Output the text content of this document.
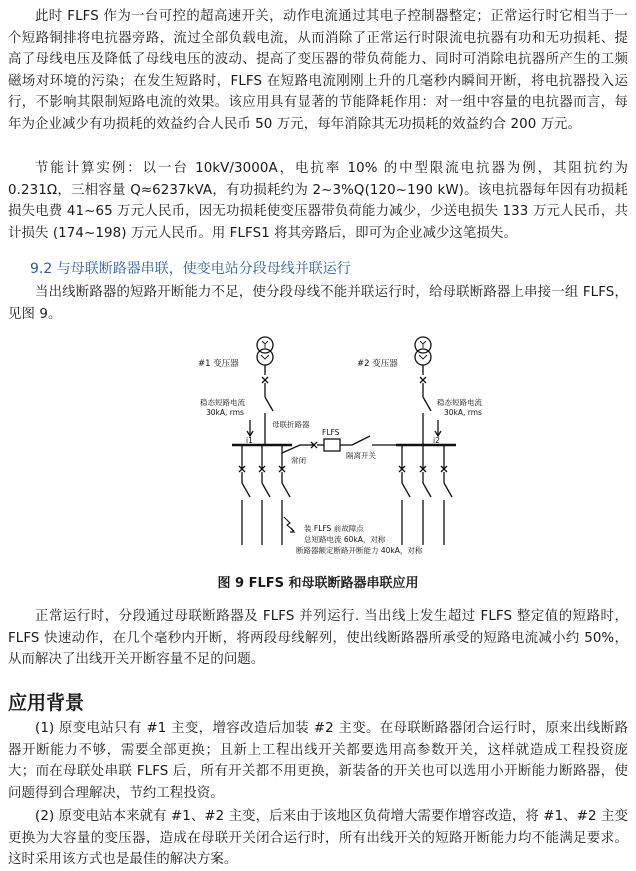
此时 FLFS 作为一台可控的超高速开关，动作电流通过其电子控制器整定；正常运行时它相当于一个短路铜排将电抗器旁路，流过全部负载电流，从而消除了正常运行时限流电抗器有功和无功损耗、提高了母线电压及降低了母线电压的波动、提高了变压器的带负荷能力、同时可消除电抗器所产生的工频磁场对环境的污染；在发生短路时，FLFS 在短路电流刚刚上升的几毫秒内瞬间开断，将电抗器投入运行，不影响其限制短路电流的效果。该应用具有显著的节能降耗作用：对一组中容量的电抗器而言，每年为企业减少有功损耗的效益约合人民币 50 万元，每年消除其无功损耗的效益约合 200 万元。

节能计算实例：以一台 10kV/3000A，电抗率 10% 的中型限流电抗器为例，其阻抗约为 0.231Ω，三相容量 Q≈6237kVA，有功损耗约为 2~3%Q(120~190 kW)。该电抗器每年因有功损耗损失电费 41~65 万元人民币，因无功损耗使变压器带负荷能力减少，少送电损失 133 万元人民币，共计损失 (174~198) 万元人民币。用 FLFS1 将其旁路后，即可为企业减少这笔损失。

9.2 与母联断路器串联，使变电站分段母线并联运行

当出线断路器的短路开断能力不足，使分段母线不能并联运行时，给母联断路器上串接一组 FLFS，见图 9。

#1 变压器	#2 变压器
稳态短路电流
30kA, rms
稳态短路电流
30kA, rms
i1	i2
母联折路器
FLFS
常闭
隔离开关
装 FLFS 前故障点
总短路电流 60kA，对称
断路器额定断路开断能力 40kA，对称
图 9 FLFS 和母联断路器串联应用

正常运行时，分段通过母联断路器及 FLFS 并列运行. 当出线上发生超过 FLFS 整定值的短路时，FLFS 快速动作，在几个毫秒内开断，将两段母线解列，使出线断路器所承受的短路电流减小约 50%，从而解决了出线开关开断容量不足的问题。

应用背景

(1) 原变电站只有 #1 主变，增容改造后加装 #2 主变。在母联断路器闭合运行时，原来出线断路器开断能力不够，需要全部更换；且新上工程出线开关都要选用高参数开关，这样就造成工程投资庞大；而在母联处串联 FLFS 后，所有开关都不用更换，新装备的开关也可以选用小开断能力断路器，使问题得到合理解决，节约工程投资。

(2) 原变电站本来就有 #1、#2 主变，后来由于该地区负荷增大需要作增容改造，将 #1、#2 主变更换为大容量的变压器，造成在母联开关闭合运行时，所有出线开关的短路开断能力均不能满足要求。这时采用该方式也是最佳的解决方案。
